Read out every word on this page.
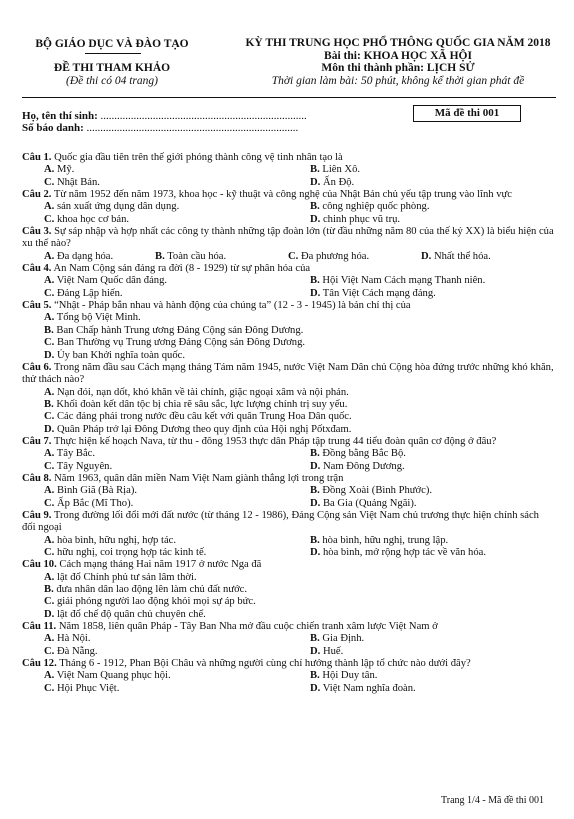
BỘ GIÁO DỤC VÀ ĐÀO TẠO	KỲ THI TRUNG HỌC PHỔ THÔNG QUỐC GIA NĂM 2018
Bài thi: KHOA HỌC XÃ HỘI
Môn thi thành phần: LỊCH SỬ
Thời gian làm bài: 50 phút, không kể thời gian phát đề
ĐỀ THI THAM KHẢO
(Đề thi có 04 trang)
Họ, tên thí sinh: ...........................................................................
Số báo danh: .............................................................................
Mã đề thi 001

Câu 1. Quốc gia đầu tiên trên thế giới phóng thành công vệ tinh nhân tạo là

A. Mỹ.	B. Liên Xô.
C. Nhật Bản.	D. Ấn Độ.

Câu 2. Từ năm 1952 đến năm 1973, khoa học - kỹ thuật và công nghệ của Nhật Bản chủ yếu tập trung vào lĩnh vực

A. sản xuất ứng dụng dân dụng.	B. công nghiệp quốc phòng.
C. khoa học cơ bản.	D. chinh phục vũ trụ.

Câu 3. Sự sáp nhập và hợp nhất các công ty thành những tập đoàn lớn (từ đầu những năm 80 của thế kỷ XX) là biểu hiện của xu thế nào?

A. Đa dạng hóa.	B. Toàn cầu hóa.	C. Đa phương hóa.	D. Nhất thể hóa.

Câu 4. An Nam Cộng sản đảng ra đời (8 - 1929) từ sự phân hóa của

A. Việt Nam Quốc dân đảng.	B. Hội Việt Nam Cách mạng Thanh niên.
C. Đảng Lập hiến.	D. Tân Việt Cách mạng đảng.

Câu 5. “Nhật - Pháp bắn nhau và hành động của chúng ta” (12 - 3 - 1945) là bản chỉ thị của

A. Tổng bộ Việt Minh.
B. Ban Chấp hành Trung ương Đảng Cộng sản Đông Dương.
C. Ban Thường vụ Trung ương Đảng Cộng sản Đông Dương.
D. Ủy ban Khởi nghĩa toàn quốc.

Câu 6. Trong năm đầu sau Cách mạng tháng Tám năm 1945, nước Việt Nam Dân chủ Cộng hòa đứng trước những khó khăn, thử thách nào?

A. Nạn đói, nạn dốt, khó khăn về tài chính, giặc ngoại xâm và nội phản.
B. Khối đoàn kết dân tộc bị chia rẽ sâu sắc, lực lượng chính trị suy yếu.
C. Các đảng phái trong nước đều câu kết với quân Trung Hoa Dân quốc.
D. Quân Pháp trở lại Đông Dương theo quy định của Hội nghị Pốtxđam.

Câu 7. Thực hiện kế hoạch Nava, từ thu - đông 1953 thực dân Pháp tập trung 44 tiểu đoàn quân cơ động ở đâu?

A. Tây Bắc.	B. Đồng bằng Bắc Bộ.
C. Tây Nguyên.	D. Nam Đông Dương.

Câu 8. Năm 1963, quân dân miền Nam Việt Nam giành thắng lợi trong trận

A. Bình Giã (Bà Rịa).	B. Đồng Xoài (Bình Phước).
C. Ấp Bắc (Mĩ Tho).	D. Ba Gia (Quảng Ngãi).

Câu 9. Trong đường lối đổi mới đất nước (từ tháng 12 - 1986), Đảng Cộng sản Việt Nam chủ trương thực hiện chính sách đối ngoại

A. hòa bình, hữu nghị, hợp tác.	B. hòa bình, hữu nghị, trung lập.
C. hữu nghị, coi trọng hợp tác kinh tế.	D. hòa bình, mở rộng hợp tác về văn hóa.

Câu 10. Cách mạng tháng Hai năm 1917 ở nước Nga đã

A. lật đổ Chính phủ tư sản lâm thời.
B. đưa nhân dân lao động lên làm chủ đất nước.
C. giải phóng người lao động khỏi mọi sự áp bức.
D. lật đổ chế độ quân chủ chuyên chế.

Câu 11. Năm 1858, liên quân Pháp - Tây Ban Nha mở đầu cuộc chiến tranh xâm lược Việt Nam ở

A. Hà Nội.	B. Gia Định.
C. Đà Nẵng.	D. Huế.

Câu 12. Tháng 6 - 1912, Phan Bội Châu và những người cùng chí hướng thành lập tổ chức nào dưới đây?

A. Việt Nam Quang phục hội.	B. Hội Duy tân.
C. Hội Phục Việt.	D. Việt Nam nghĩa đoàn.
Trang 1/4 - Mã đề thi 001
